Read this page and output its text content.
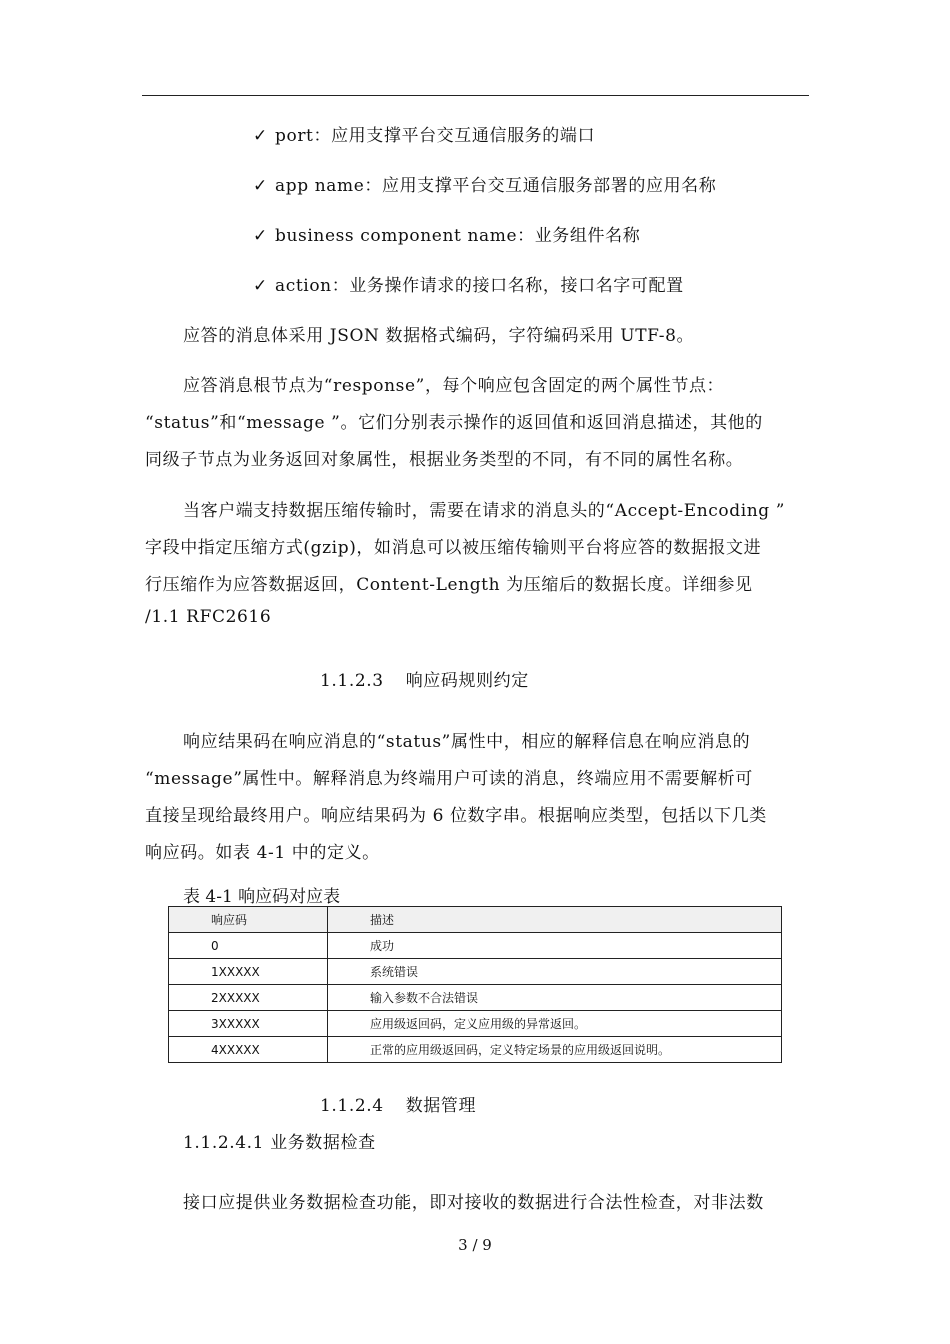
✓ port：应用支撑平台交互通信服务的端口
✓ app name：应用支撑平台交互通信服务部署的应用名称
✓ business component name：业务组件名称
✓ action：业务操作请求的接口名称，接口名字可配置
应答的消息体采用 JSON 数据格式编码，字符编码采用 UTF-8。
应答消息根节点为“response”，每个响应包含固定的两个属性节点：
“status”和“message ”。它们分别表示操作的返回值和返回消息描述，其他的
同级子节点为业务返回对象属性，根据业务类型的不同，有不同的属性名称。
当客户端支持数据压缩传输时，需要在请求的消息头的“Accept-Encoding ”
字段中指定压缩方式(gzip)，如消息可以被压缩传输则平台将应答的数据报文进
行压缩作为应答数据返回，Content-Length 为压缩后的数据长度。详细参见
/1.1 RFC2616
1.1.2.3 响应码规则约定
响应结果码在响应消息的“status”属性中，相应的解释信息在响应消息的
“message”属性中。解释消息为终端用户可读的消息，终端应用不需要解析可
直接呈现给最终用户。响应结果码为 6 位数字串。根据响应类型，包括以下几类
响应码。如表 4-1 中的定义。
表 4-1 响应码对应表
响应码	描述
0	成功
1XXXXX	系统错误
2XXXXX	输入参数不合法错误
3XXXXX	应用级返回码，定义应用级的异常返回。
4XXXXX	正常的应用级返回码，定义特定场景的应用级返回说明。
1.1.2.4 数据管理
1.1.2.4.1 业务数据检查
接口应提供业务数据检查功能，即对接收的数据进行合法性检查，对非法数
3 / 9
